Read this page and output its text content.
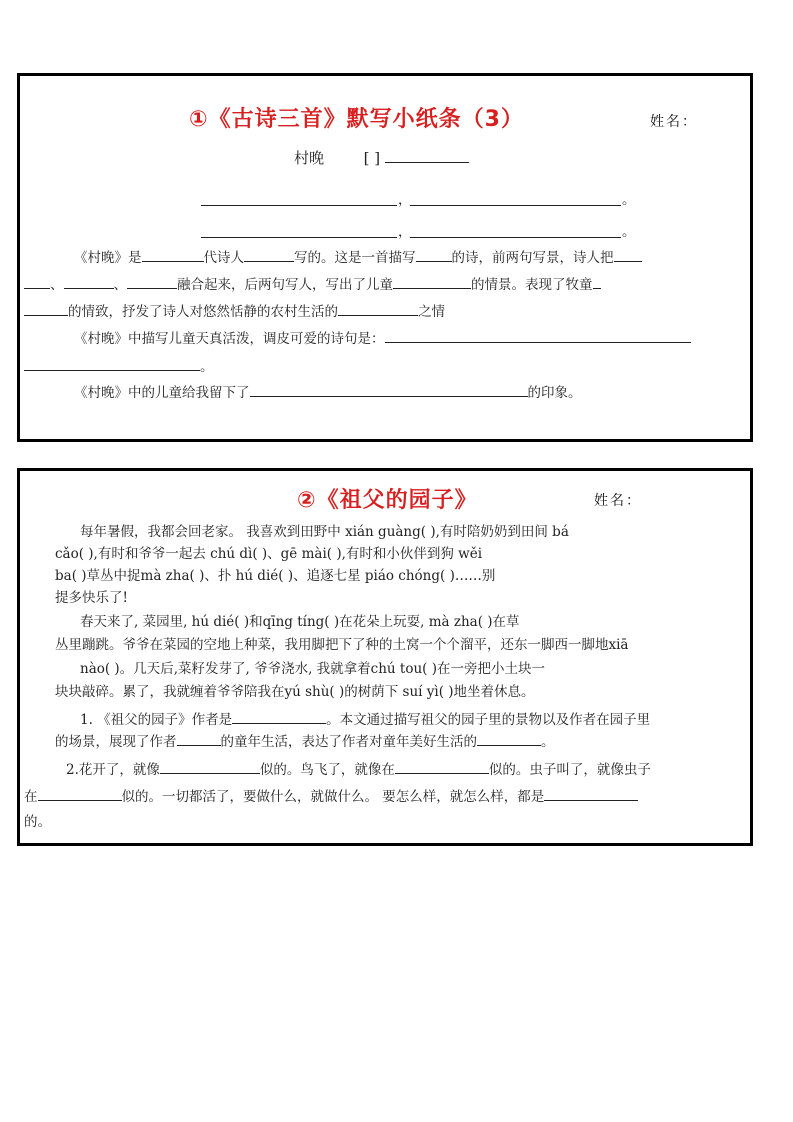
①《古诗三首》默写小纸条（3）	姓名：
村晚	[ ]
，	。
，	。
《村晚》是	代诗人	写的。这是一首描写	的诗，前两句写景，诗人把
、	、	融合起来，后两句写人，写出了儿童	的情景。表现了牧童
的情致，抒发了诗人对悠然恬静的农村生活的	之情
《村晚》中描写儿童天真活泼，调皮可爱的诗句是：
。
《村晚》中的儿童给我留下了	的印象。
②《祖父的园子》	姓名：
每年暑假，我都会回老家。 我喜欢到田野中 xián guàng( ),有时陪奶奶到田间 bá
cǎo( ),有时和爷爷一起去 chú dì( )、gē mài( ),有时和小伙伴到狗 wěi
ba( )草丛中捉mà zha( )、扑 hú dié( )、追逐七星 piáo chóng( )……别
提多快乐了!
春天来了, 菜园里, hú dié( )和qīng tíng( )在花朵上玩耍, mà zha( )在草
丛里蹦跳。爷爷在菜园的空地上种菜，我用脚把下了种的土窝一个个溜平，还东一脚西一脚地xiā
nào( )。几天后,菜籽发芽了, 爷爷浇水, 我就拿着chú tou( )在一旁把小土块一
块块敲碎。累了，我就缠着爷爷陪我在yú shù( )的树荫下 suí yì( )地坐着休息。
1. 《祖父的园子》作者是	。本文通过描写祖父的园子里的景物以及作者在园子里
的场景，展现了作者	的童年生活，表达了作者对童年美好生活的	。
2.花开了，就像	似的。鸟飞了，就像在	似的。虫子叫了，就像虫子
在	似的。一切都活了，要做什么，就做什么。 要怎么样，就怎么样，都是
的。
